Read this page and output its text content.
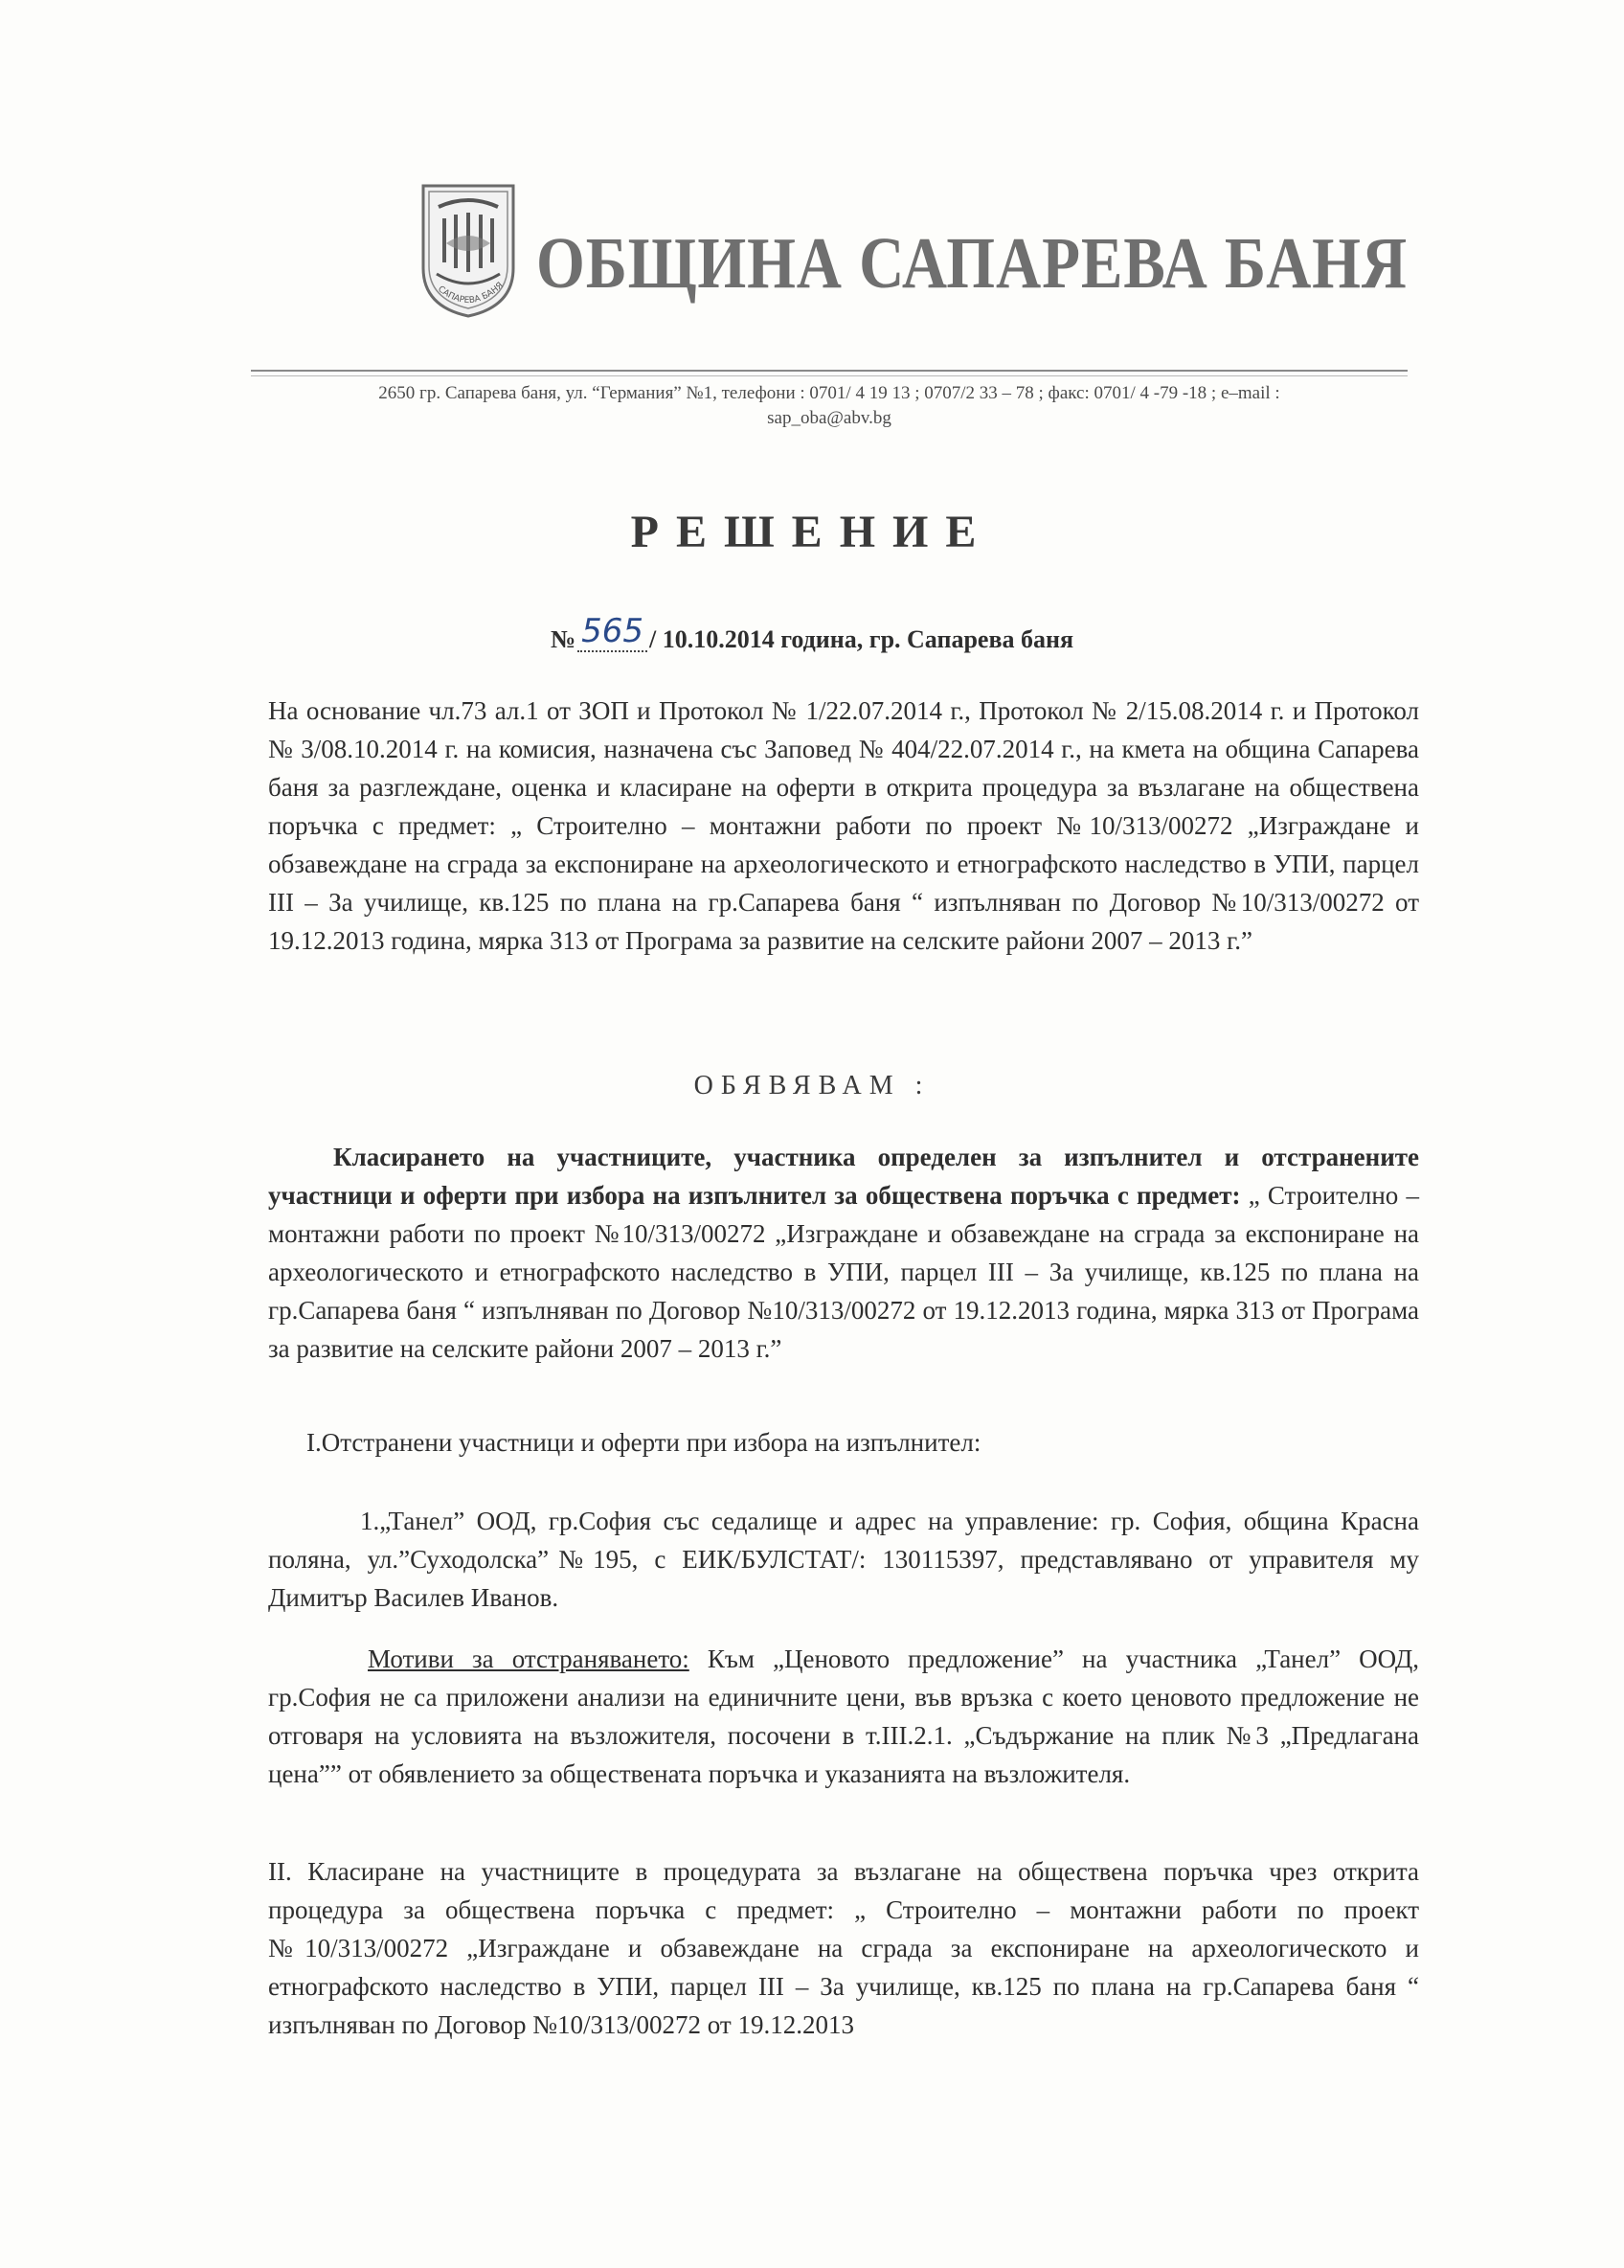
САПАРЕВА БАНЯ ОБЩИНА САПАРЕВА БАНЯ
2650 гр. Сапарева баня, ул. “Германия” №1, телефони : 0701/ 4 19 13 ; 0707/2 33 – 78 ; факс: 0701/ 4 -79 -18 ; e–mail :
sap_oba@abv.bg
РЕШЕНИЕ
№ 565 / 10.10.2014 година, гр. Сапарева баня
На основание чл.73 ал.1 от ЗОП и Протокол № 1/22.07.2014 г., Протокол № 2/15.08.2014 г. и Протокол № 3/08.10.2014 г. на комисия, назначена със Заповед № 404/22.07.2014 г., на кмета на община Сапарева баня за разглеждане, оценка и класиране на оферти в открита процедура за възлагане на обществена поръчка с предмет: „ Строително – монтажни работи по проект №10/313/00272 „Изграждане и обзавеждане на сграда за експониране на археологическото и етнографското наследство в УПИ, парцел III – За училище, кв.125 по плана на гр.Сапарева баня “ изпълняван по Договор №10/313/00272 от 19.12.2013 година, мярка 313 от Програма за развитие на селските райони 2007 – 2013 г.”
ОБЯВЯВАМ :
Класирането на участниците, участника определен за изпълнител и отстранените участници и оферти при избора на изпълнител за обществена поръчка с предмет: „ Строително – монтажни работи по проект №10/313/00272 „Изграждане и обзавеждане на сграда за експониране на археологическото и етнографското наследство в УПИ, парцел III – За училище, кв.125 по плана на гр.Сапарева баня “ изпълняван по Договор №10/313/00272 от 19.12.2013 година, мярка 313 от Програма за развитие на селските райони 2007 – 2013 г.”
I.Отстранени участници и оферти при избора на изпълнител:
1.„Танел” ООД, гр.София със седалище и адрес на управление: гр. София, община Красна поляна, ул.”Суходолска”№195, с ЕИК/БУЛСТАТ/: 130115397, представлявано от управителя му Димитър Василев Иванов.
Мотиви за отстраняването: Към „Ценовото предложение” на участника „Танел” ООД, гр.София не са приложени анализи на единичните цени, във връзка с което ценовото предложение не отговаря на условията на възложителя, посочени в т.III.2.1. „Съдържание на плик №3 „Предлагана цена”” от обявлението за обществената поръчка и указанията на възложителя.
II. Класиране на участниците в процедурата за възлагане на обществена поръчка чрез открита процедура за обществена поръчка с предмет: „ Строително – монтажни работи по проект №10/313/00272 „Изграждане и обзавеждане на сграда за експониране на археологическото и етнографското наследство в УПИ, парцел III – За училище, кв.125 по плана на гр.Сапарева баня “ изпълняван по Договор №10/313/00272 от 19.12.2013
